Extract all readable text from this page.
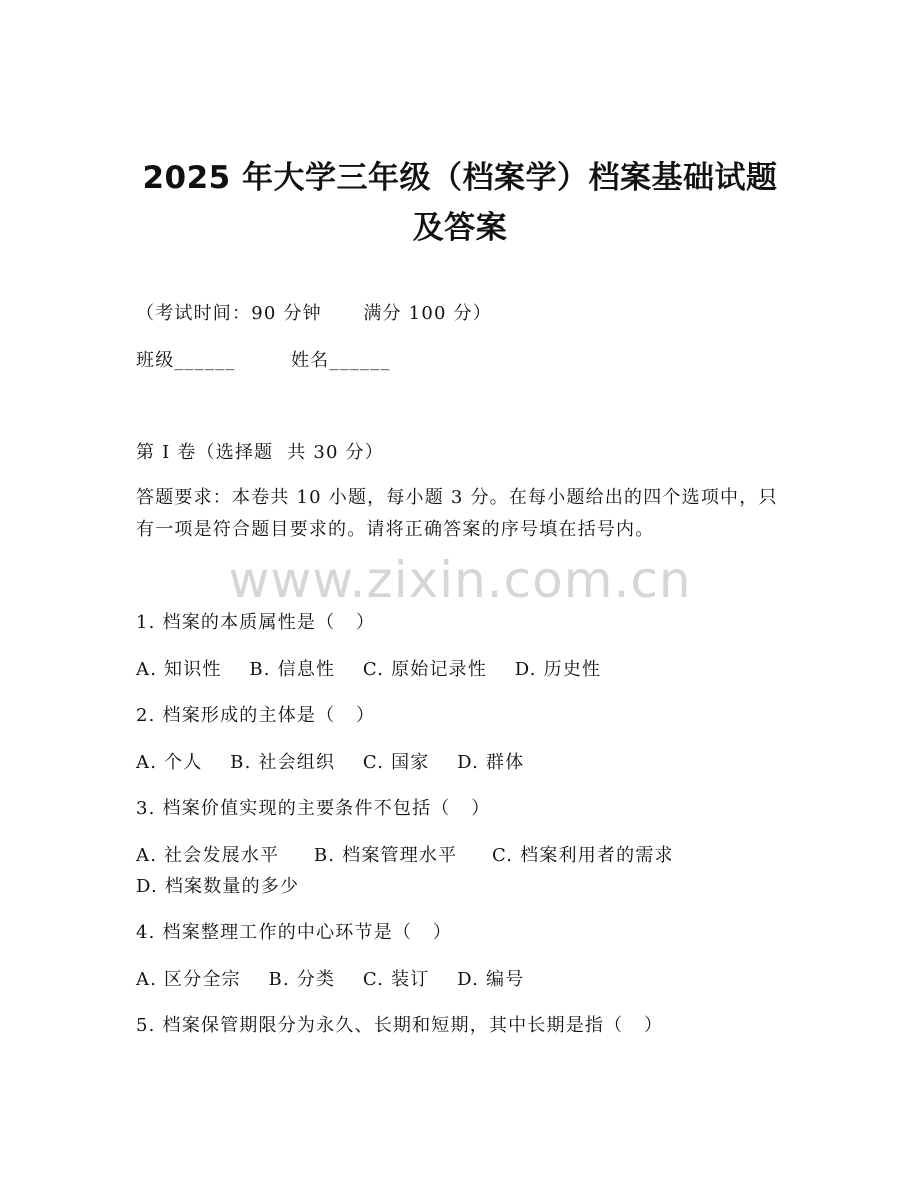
2025 年大学三年级（档案学）档案基础试题
及答案
（考试时间：90 分钟      满分 100 分）
班级______        姓名______
第 I 卷（选择题  共 30 分）
答题要求：本卷共 10 小题，每小题 3 分。在每小题给出的四个选项中，只有一项是符合题目要求的。请将正确答案的序号填在括号内。
www.zixin.com.cn
1. 档案的本质属性是（   ）
A. 知识性 B. 信息性 C. 原始记录性 D. 历史性
2. 档案形成的主体是（   ）
A. 个人 B. 社会组织 C. 国家 D. 群体
3. 档案价值实现的主要条件不包括（   ）
A. 社会发展水平 B. 档案管理水平 C. 档案利用者的需求
D. 档案数量的多少
4. 档案整理工作的中心环节是（   ）
A. 区分全宗 B. 分类 C. 装订 D. 编号
5. 档案保管期限分为永久、长期和短期，其中长期是指（   ）
